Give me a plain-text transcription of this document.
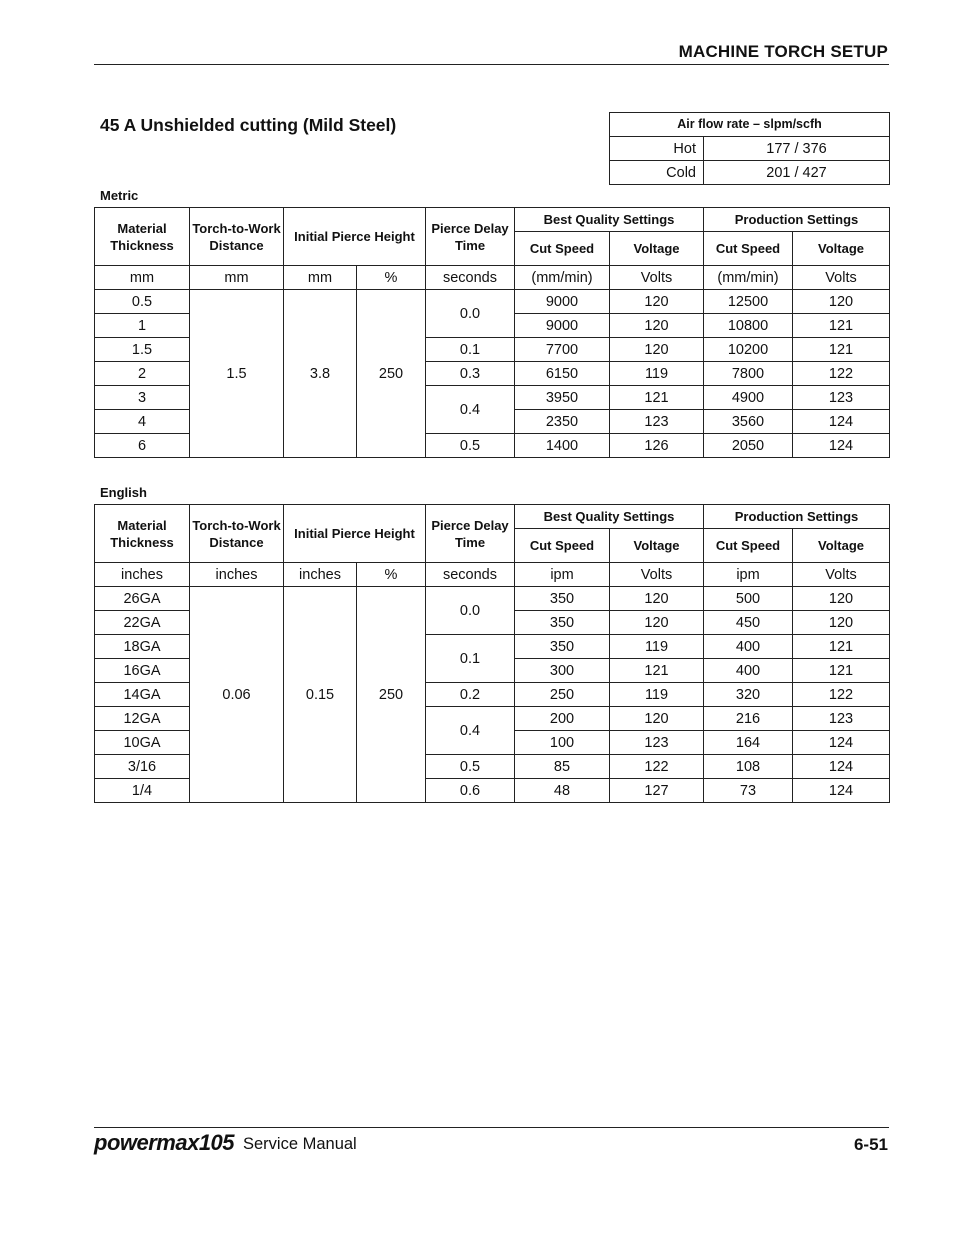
MACHINE TORCH SETUP
45 A Unshielded cutting (Mild Steel)	Air flow rate – slpm/scfh	
Hot	177 / 376
Cold	201 / 427
Metric
Material Thickness	Torch-to-Work Distance	Initial Pierce Height		Pierce Delay Time	Best Quality Settings		Production Settings	
					Cut Speed	Voltage	Cut Speed	Voltage
mm	mm	mm	%	seconds	(mm/min)	Volts	(mm/min)	Volts
0.5	1.5	3.8	250	0.0	9000	120	12500	120
1					9000	120	10800	121
1.5				0.1	7700	120	10200	121
2				0.3	6150	119	7800	122
3				0.4	3950	121	4900	123
4					2350	123	3560	124
6				0.5	1400	126	2050	124
English
Material Thickness	Torch-to-Work Distance	Initial Pierce Height		Pierce Delay Time	Best Quality Settings		Production Settings	
					Cut Speed	Voltage	Cut Speed	Voltage
inches	inches	inches	%	seconds	ipm	Volts	ipm	Volts
26GA	0.06	0.15	250	0.0	350	120	500	120
22GA					350	120	450	120
18GA				0.1	350	119	400	121
16GA					300	121	400	121
14GA				0.2	250	119	320	122
12GA				0.4	200	120	216	123
10GA					100	123	164	124
3/16				0.5	85	122	108	124
1/4				0.6	48	127	73	124
powermax105 Service Manual	6-51
